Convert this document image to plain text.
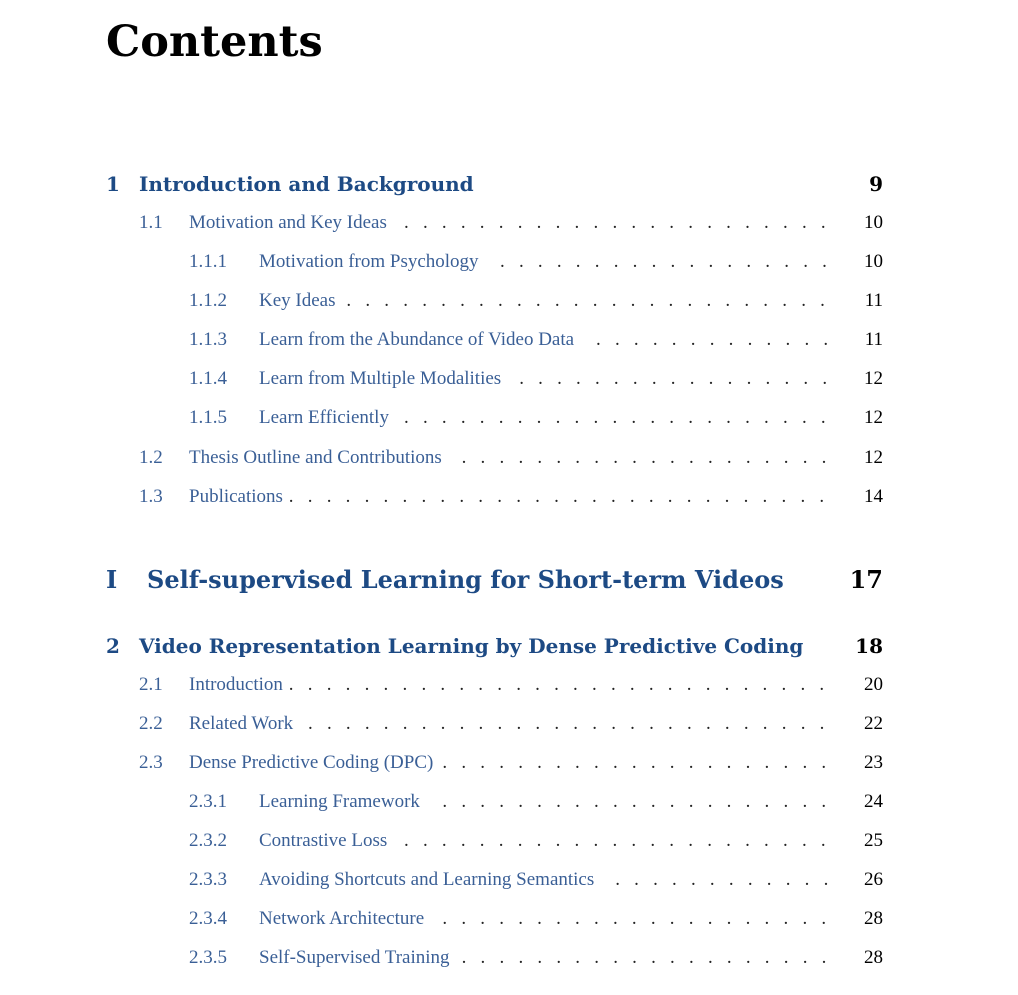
Contents
1 Introduction and Background	9
1.1 Motivation and Key Ideas	10
.......................
1.1.1 Motivation from Psychology	10
..................
1.1.2 Key Ideas	11
..........................
1.1.3 Learn from the Abundance of Video Data	11
.............
1.1.4 Learn from Multiple Modalities	12
.................
1.1.5 Learn Efficiently	12
.......................
1.2 Thesis Outline and Contributions	12
....................
1.3 Publications	14
.............................
I Self-supervised Learning for Short-term Videos	17
2 Video Representation Learning by Dense Predictive Coding	18
2.1 Introduction	20
.............................
2.2 Related Work	22
............................
2.3 Dense Predictive Coding (DPC)	23
.....................
2.3.1 Learning Framework	24
.....................
2.3.2 Contrastive Loss	25
.......................
2.3.3 Avoiding Shortcuts and Learning Semantics	26
............
2.3.4 Network Architecture	28
.....................
2.3.5 Self-Supervised Training	28
....................
